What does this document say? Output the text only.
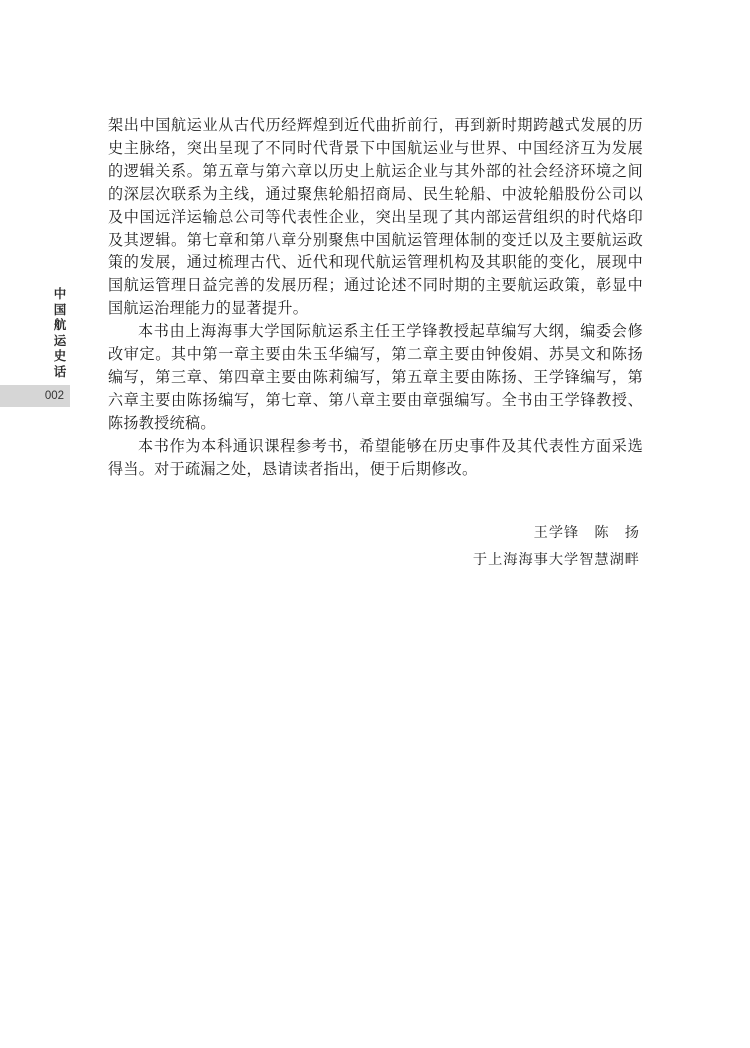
中
国
航
运
史
话
002

架出中国航运业从古代历经辉煌到近代曲折前行，再到新时期跨越式发展的历史主脉络，突出呈现了不同时代背景下中国航运业与世界、中国经济互为发展的逻辑关系。第五章与第六章以历史上航运企业与其外部的社会经济环境之间的深层次联系为主线，通过聚焦轮船招商局、民生轮船、中波轮船股份公司以及中国远洋运输总公司等代表性企业，突出呈现了其内部运营组织的时代烙印及其逻辑。第七章和第八章分别聚焦中国航运管理体制的变迁以及主要航运政策的发展，通过梳理古代、近代和现代航运管理机构及其职能的变化，展现中国航运管理日益完善的发展历程；通过论述不同时期的主要航运政策，彰显中国航运治理能力的显著提升。

本书由上海海事大学国际航运系主任王学锋教授起草编写大纲，编委会修改审定。其中第一章主要由朱玉华编写，第二章主要由钟俊娟、苏昊文和陈扬编写，第三章、第四章主要由陈莉编写，第五章主要由陈扬、王学锋编写，第六章主要由陈扬编写，第七章、第八章主要由章强编写。全书由王学锋教授、陈扬教授统稿。

本书作为本科通识课程参考书，希望能够在历史事件及其代表性方面采选得当。对于疏漏之处，恳请读者指出，便于后期修改。

王学锋　陈　扬
于上海海事大学智慧湖畔
